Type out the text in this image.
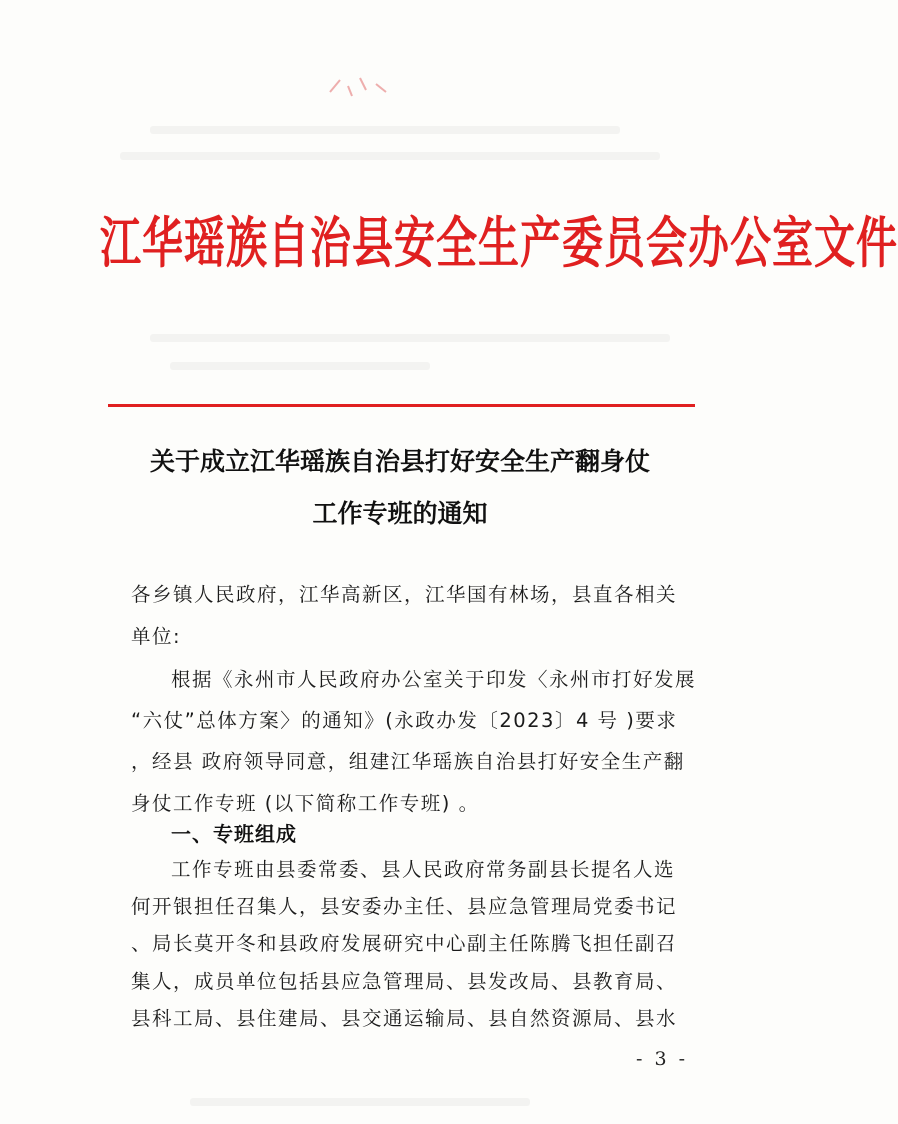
江华瑶族自治县安全生产委员会办公室文件
关于成立江华瑶族自治县打好安全生产翻身仗
工作专班的通知
各乡镇人民政府，江华高新区，江华国有林场，县直各相关
单位:
根据《永州市人民政府办公室关于印发〈永州市打好发展
“六仗”总体方案〉的通知》(永政办发〔2023〕4 号 )要求
，经县 政府领导同意，组建江华瑶族自治县打好安全生产翻
身仗工作专班 (以下简称工作专班) 。
一、专班组成
工作专班由县委常委、县人民政府常务副县长提名人选
何开银担任召集人，县安委办主任、县应急管理局党委书记
、局长莫开冬和县政府发展研究中心副主任陈腾飞担任副召
集人，成员单位包括县应急管理局、县发改局、县教育局、
县科工局、县住建局、县交通运输局、县自然资源局、县水
- 3 -
